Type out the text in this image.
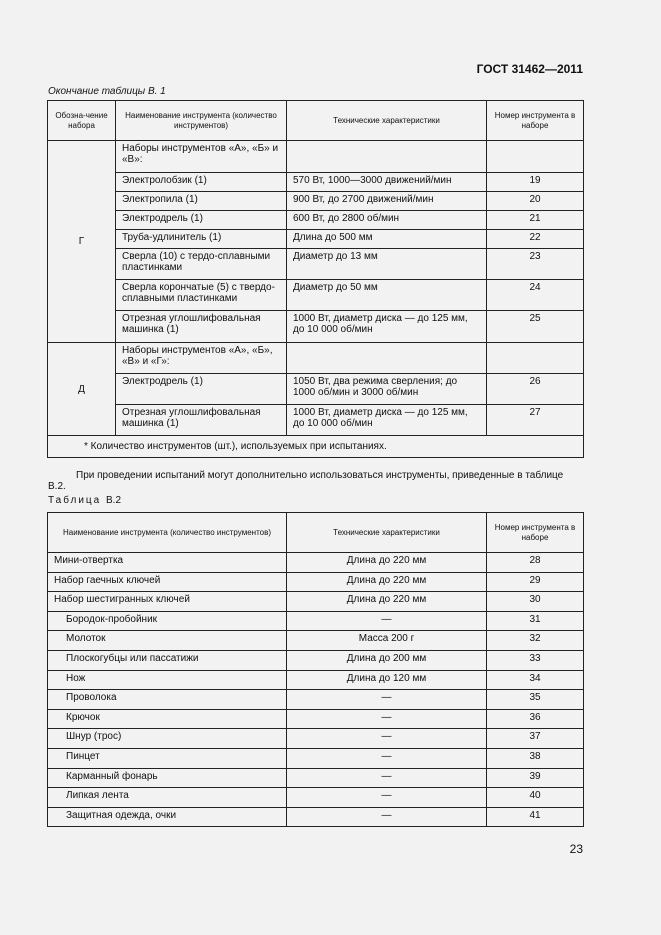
ГОСТ 31462—2011
Окончание таблицы В. 1
Обозна-чение набора	Наименование инструмента (количество инструментов)	Технические характеристики	Номер инструмента в наборе
Г	Наборы инструментов «А», «Б» и «В»:		
	Электролобзик (1)	570 Вт, 1000—3000 движений/мин	19
	Электропила (1)	900 Вт, до 2700 движений/мин	20
	Электродрель (1)	600 Вт, до 2800 об/мин	21
	Труба-удлинитель (1)	Длина до 500 мм	22
	Сверла (10) с тердо-сплавными пластинками	Диаметр до 13 мм	23
	Сверла корончатые (5) с твердо-сплавными пластинками	Диаметр до 50 мм	24
	Отрезная углошлифовальная машинка (1)	1000 Вт, диаметр диска — до 125 мм, до 10 000 об/мин	25
Д	Наборы инструментов «А», «Б», «В» и «Г»:		
	Электродрель (1)	1050 Вт, два режима сверления; до 1000 об/мин и 3000 об/мин	26
	Отрезная углошлифовальная машинка (1)	1000 Вт, диаметр диска — до 125 мм, до 10 000 об/мин	27
* Количество инструментов (шт.), используемых при испытаниях.			
При проведении испытаний могут дополнительно использоваться инструменты, приведенные в таблице В.2.
Таблица В.2
Наименование инструмента (количество инструментов)	Технические характеристики	Номер инструмента в наборе
Мини-отвертка	Длина до 220 мм	28
Набор гаечных ключей	Длина до 220 мм	29
Набор шестигранных ключей	Длина до 220 мм	30
Бородок-пробойник	—	31
Молоток	Масса 200 г	32
Плоскогубцы или пассатижи	Длина до 200 мм	33
Нож	Длина до 120 мм	34
Проволока	—	35
Крючок	—	36
Шнур (трос)	—	37
Пинцет	—	38
Карманный фонарь	—	39
Липкая лента	—	40
Защитная одежда, очки	—	41
23
